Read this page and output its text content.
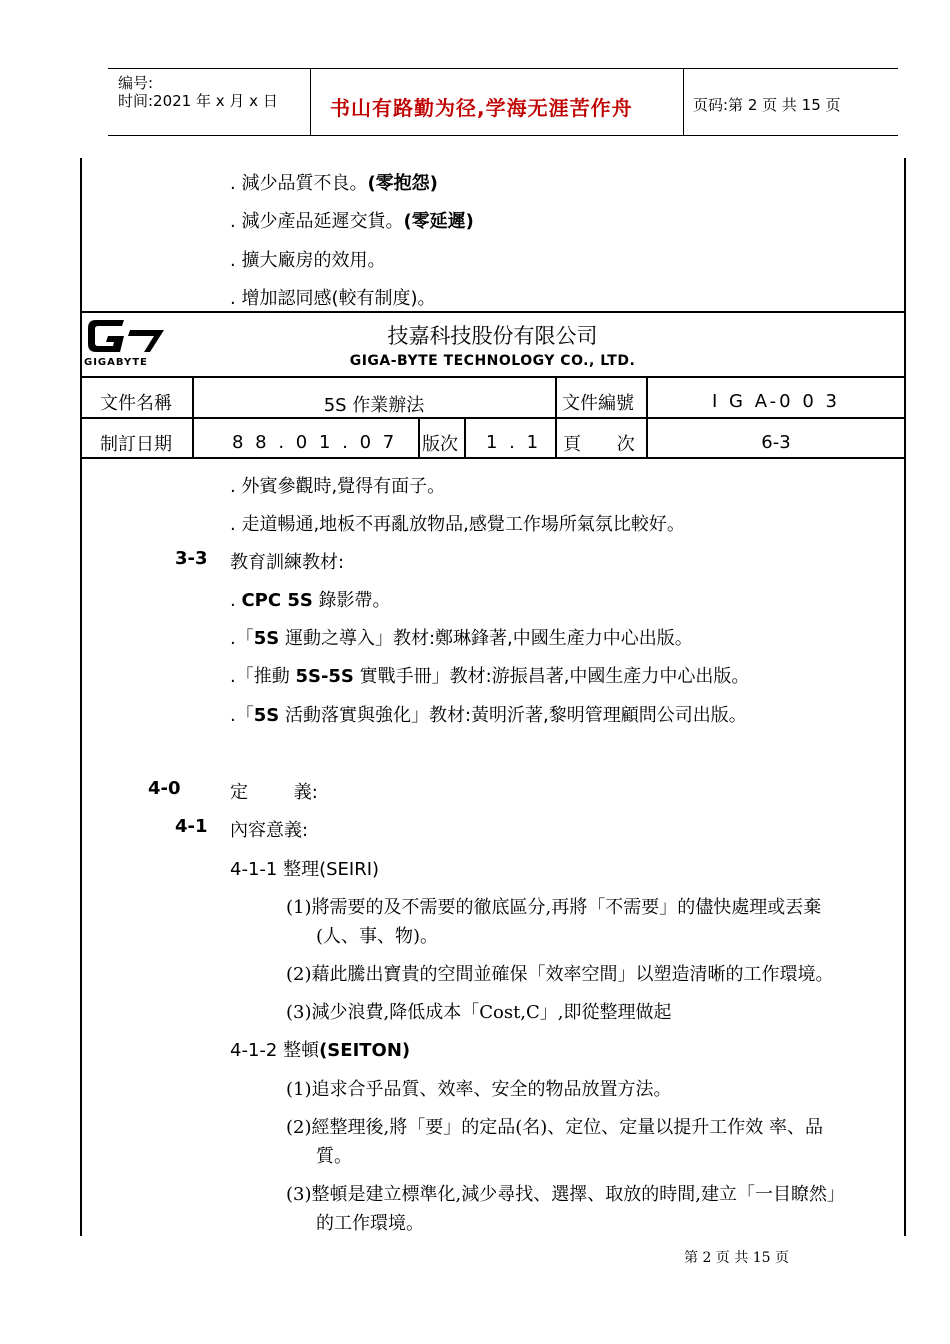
编号:
时间:2021 年 x 月 x 日	书山有路勤为径,学海无涯苦作舟	页码:第 2 页 共 15 页
. 減少品質不良。(零抱怨)
. 減少產品延遲交貨。(零延遲)
. 擴大廠房的效用。
. 增加認同感(較有制度)。
GIGABYTE
技嘉科技股份有限公司
GIGA-BYTE TECHNOLOGY CO., LTD.
文件名稱	5S 作業辦法	文件編號	I G A-0 0 3
制訂日期	8 8 . 0 1 . 0 7 版次 1 . 1 頁 次	6-3
. 外賓參觀時,覺得有面子。
. 走道暢通,地板不再亂放物品,感覺工作場所氣氛比較好。
3-3 教育訓練教材:
. CPC 5S 錄影帶。
.「5S 運動之導入」教材:鄭琳鋒著,中國生產力中心出版。
.「推動 5S-5S 實戰手冊」教材:游振昌著,中國生產力中心出版。
.「5S 活動落實與強化」教材:黃明沂著,黎明管理顧問公司出版。
4-0	定 義:
4-1 內容意義:
4-1-1 整理(SEIRI)
(1)將需要的及不需要的徹底區分,再將「不需要」的儘快處理或丟棄
(人、事、物)。
(2)藉此騰出寶貴的空間並確保「效率空間」以塑造清晰的工作環境。
(3)減少浪費,降低成本「Cost,C」,即從整理做起
4-1-2 整頓(SEITON)
(1)追求合乎品質、效率、安全的物品放置方法。
(2)經整理後,將「要」的定品(名)、定位、定量以提升工作效 率、品
質。
(3)整頓是建立標準化,減少尋找、選擇、取放的時間,建立「一目瞭然」
的工作環境。
第 2 页 共 15 页
